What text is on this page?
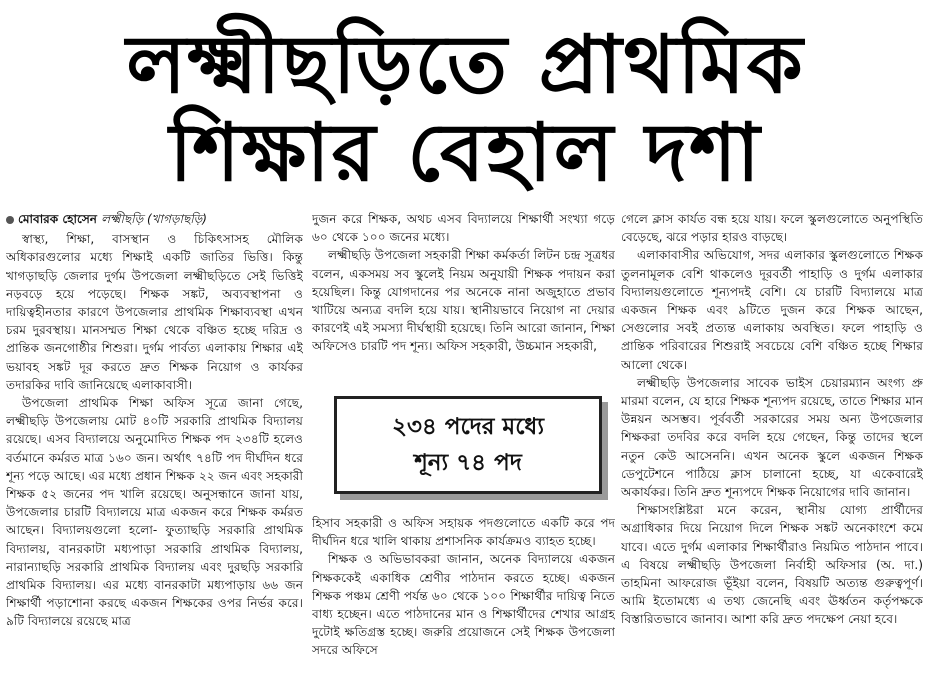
লক্ষ্মীছড়িতে প্রাথমিক
শিক্ষার বেহাল দশা
মোবারক হোসেন লক্ষ্মীছড়ি (খাগড়াছড়ি)

স্বাস্থ্য, শিক্ষা, বাসস্থান ও চিকিৎসাসহ মৌলিক অধিকারগুলোর মধ্যে শিক্ষাই একটি জাতির ভিত্তি। কিন্তু খাগড়াছড়ি জেলার দুর্গম উপজেলা লক্ষ্মীছড়িতে সেই ভিত্তিই নড়বড়ে হয়ে পড়েছে। শিক্ষক সঙ্কট, অব্যবস্থাপনা ও দায়িত্বহীনতার কারণে উপজেলার প্রাথমিক শিক্ষাব্যবস্থা এখন চরম দুরবস্থায়। মানসম্মত শিক্ষা থেকে বঞ্চিত হচ্ছে দরিদ্র ও প্রান্তিক জনগোষ্ঠীর শিশুরা। দুর্গম পার্বত্য এলাকায় শিক্ষার এই ভয়াবহ সঙ্কট দূর করতে দ্রুত শিক্ষক নিয়োগ ও কার্যকর তদারকির দাবি জানিয়েছে এলাকাবাসী।

উপজেলা প্রাথমিক শিক্ষা অফিস সূত্রে জানা গেছে, লক্ষ্মীছড়ি উপজেলায় মোট ৪০টি সরকারি প্রাথমিক বিদ্যালয় রয়েছে। এসব বিদ্যালয়ে অনুমোদিত শিক্ষক পদ ২৩৪টি হলেও বর্তমানে কর্মরত মাত্র ১৬০ জন। অর্থাৎ ৭৪টি পদ দীর্ঘদিন ধরে শূন্য পড়ে আছে। এর মধ্যে প্রধান শিক্ষক ২২ জন এবং সহকারী শিক্ষক ৫২ জনের পদ খালি রয়েছে। অনুসন্ধানে জানা যায়, উপজেলার চারটি বিদ্যালয়ে মাত্র একজন করে শিক্ষক কর্মরত আছেন। বিদ্যালয়গুলো হলো- ফুত্যাছড়ি সরকারি প্রাথমিক বিদ্যালয়, বানরকাটা মধ্যপাড়া সরকারি প্রাথমিক বিদ্যালয়, নারান্যাছড়ি সরকারি প্রাথমিক বিদ্যালয় এবং দুরছড়ি সরকারি প্রাথমিক বিদ্যালয়। এর মধ্যে বানরকাটা মধ্যপাড়ায় ৬৬ জন শিক্ষার্থী পড়াশোনা করছে একজন শিক্ষকের ওপর নির্ভর করে। ৯টি বিদ্যালয়ে রয়েছে মাত্র

দুজন করে শিক্ষক, অথচ এসব বিদ্যালয়ে শিক্ষার্থী সংখ্যা গড়ে ৬০ থেকে ১০০ জনের মধ্যে।

লক্ষ্মীছড়ি উপজেলা সহকারী শিক্ষা কর্মকর্তা লিটন চন্দ্র সূত্রধর বলেন, একসময় সব স্কুলেই নিয়ম অনুযায়ী শিক্ষক পদায়ন করা হয়েছিল। কিন্তু যোগদানের পর অনেকে নানা অজুহাতে প্রভাব খাটিয়ে অন্যত্র বদলি হয়ে যায়। স্থানীয়ভাবে নিয়োগ না দেয়ার কারণেই এই সমস্যা দীর্ঘস্থায়ী হয়েছে। তিনি আরো জানান, শিক্ষা অফিসেও চারটি পদ শূন্য। অফিস সহকারী, উচ্চমান সহকারী,

২৩৪ পদের মধ্যে
শূন্য ৭৪ পদ

হিসাব সহকারী ও অফিস সহায়ক পদগুলোতে একটি করে পদ দীর্ঘদিন ধরে খালি থাকায় প্রশাসনিক কার্যক্রমও ব্যাহত হচ্ছে।

শিক্ষক ও অভিভাবকরা জানান, অনেক বিদ্যালয়ে একজন শিক্ষককেই একাধিক শ্রেণীর পাঠদান করতে হচ্ছে। একজন শিক্ষক পঞ্চম শ্রেণী পর্যন্ত ৬০ থেকে ১০০ শিক্ষার্থীর দায়িত্ব নিতে বাধ্য হচ্ছেন। এতে পাঠদানের মান ও শিক্ষার্থীদের শেখার আগ্রহ দুটোই ক্ষতিগ্রস্ত হচ্ছে। জরুরি প্রয়োজনে সেই শিক্ষক উপজেলা সদরে অফিসে

গেলে ক্লাস কার্যত বন্ধ হয়ে যায়। ফলে স্কুলগুলোতে অনুপস্থিতি বেড়েছে, ঝরে পড়ার হারও বাড়ছে।

এলাকাবাসীর অভিযোগ, সদর এলাকার স্কুলগুলোতে শিক্ষক তুলনামূলক বেশি থাকলেও দূরবর্তী পাহাড়ি ও দুর্গম এলাকার বিদ্যালয়গুলোতে শূন্যপদই বেশি। যে চারটি বিদ্যালয়ে মাত্র একজন শিক্ষক এবং ৯টিতে দুজন করে শিক্ষক আছেন, সেগুলোর সবই প্রত্যন্ত এলাকায় অবস্থিত। ফলে পাহাড়ি ও প্রান্তিক পরিবারের শিশুরাই সবচেয়ে বেশি বঞ্চিত হচ্ছে শিক্ষার আলো থেকে।

লক্ষ্মীছড়ি উপজেলার সাবেক ভাইস চেয়ারম্যান অংগ্য প্রু মারমা বলেন, যে হারে শিক্ষক শূন্যপদ রয়েছে, তাতে শিক্ষার মান উন্নয়ন অসম্ভব। পূর্ববর্তী সরকারের সময় অন্য উপজেলার শিক্ষকরা তদবির করে বদলি হয়ে গেছেন, কিন্তু তাদের স্থলে নতুন কেউ আসেননি। এখন অনেক স্কুলে একজন শিক্ষক ডেপুটেশনে পাঠিয়ে ক্লাস চালানো হচ্ছে, যা একেবারেই অকার্যকর। তিনি দ্রুত শূন্যপদে শিক্ষক নিয়োগের দাবি জানান।

শিক্ষাসংশ্লিষ্টরা মনে করেন, স্থানীয় যোগ্য প্রার্থীদের অগ্রাধিকার দিয়ে নিয়োগ দিলে শিক্ষক সঙ্কট অনেকাংশে কমে যাবে। এতে দুর্গম এলাকার শিক্ষার্থীরাও নিয়মিত পাঠদান পাবে। এ বিষয়ে লক্ষ্মীছড়ি উপজেলা নির্বাহী অফিসার (অ. দা.) তাহমিনা আফরোজ ভূঁইয়া বলেন, বিষয়টি অত্যন্ত গুরুত্বপূর্ণ। আমি ইতোমধ্যে এ তথ্য জেনেছি এবং ঊর্ধ্বতন কর্তৃপক্ষকে বিস্তারিতভাবে জানাব। আশা করি দ্রুত পদক্ষেপ নেয়া হবে।
